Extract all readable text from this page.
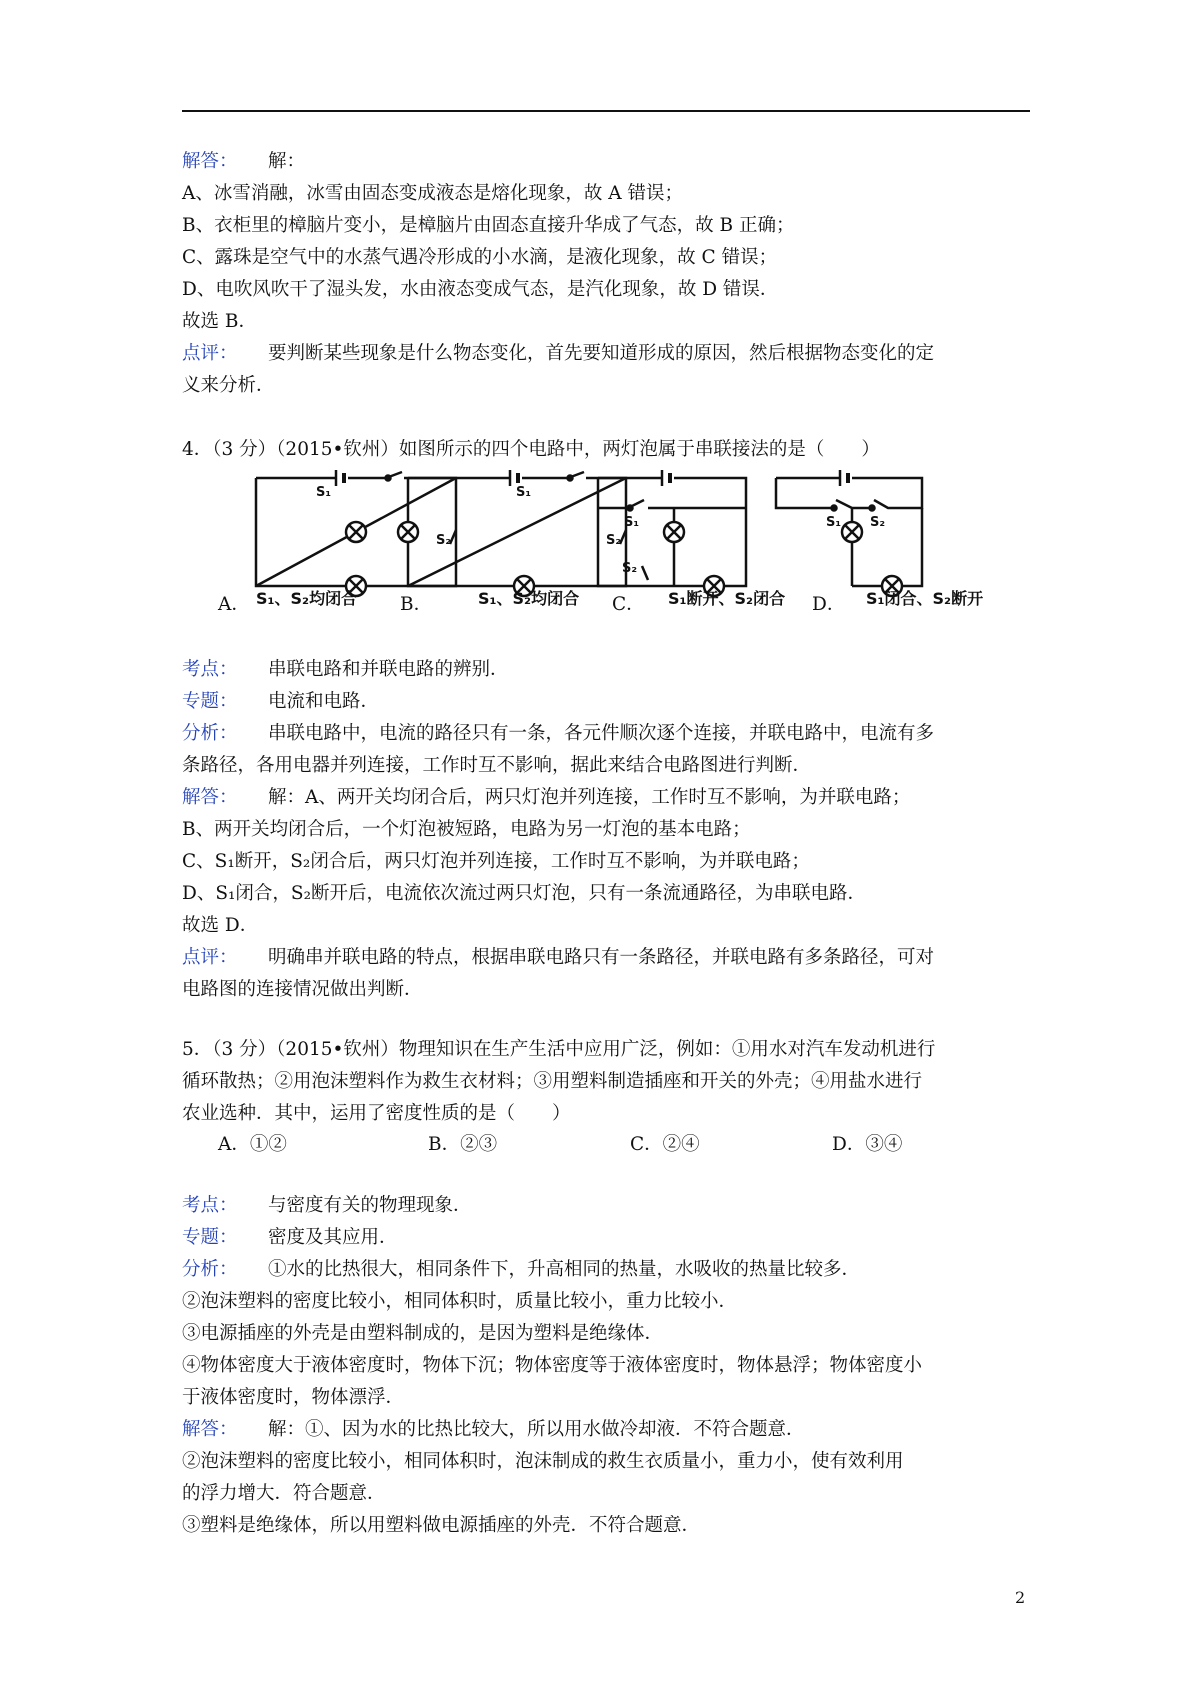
解答： 解：
A、冰雪消融，冰雪由固态变成液态是熔化现象，故 A 错误；
B、衣柜里的樟脑片变小，是樟脑片由固态直接升华成了气态，故 B 正确；
C、露珠是空气中的水蒸气遇冷形成的小水滴，是液化现象，故 C 错误；
D、电吹风吹干了湿头发，水由液态变成气态，是汽化现象，故 D 错误．
故选 B．
点评： 要判断某些现象是什么物态变化，首先要知道形成的原因，然后根据物态变化的定
义来分析．
4．（3 分）（2015•钦州）如图所示的四个电路中，两灯泡属于串联接法的是（　　）
S₁
S₂
S₁
S₂
S₁
S₂
S₁ S₂
A． S₁、S₂均闭合 B．	S₁、S₂均闭合 C． S₁断开、S₂闭合 D． S₁闭合、S₂断开
考点： 串联电路和并联电路的辨别．
专题： 电流和电路．
分析： 串联电路中，电流的路径只有一条，各元件顺次逐个连接，并联电路中，电流有多
条路径，各用电器并列连接，工作时互不影响，据此来结合电路图进行判断．
解答： 解：A、两开关均闭合后，两只灯泡并列连接，工作时互不影响，为并联电路；
B、两开关均闭合后，一个灯泡被短路，电路为另一灯泡的基本电路；
C、S₁断开，S₂闭合后，两只灯泡并列连接，工作时互不影响，为并联电路；
D、S₁闭合，S₂断开后，电流依次流过两只灯泡，只有一条流通路径，为串联电路．
故选 D．
点评： 明确串并联电路的特点，根据串联电路只有一条路径，并联电路有多条路径，可对
电路图的连接情况做出判断．
5．（3 分）（2015•钦州）物理知识在生产生活中应用广泛，例如：①用水对汽车发动机进行
循环散热；②用泡沫塑料作为救生衣材料；③用塑料制造插座和开关的外壳；④用盐水进行
农业选种．其中，运用了密度性质的是（　　）
A．①②	B．②③	C．②④	D．③④
考点： 与密度有关的物理现象．
专题： 密度及其应用．
分析： ①水的比热很大，相同条件下，升高相同的热量，水吸收的热量比较多．
②泡沫塑料的密度比较小，相同体积时，质量比较小，重力比较小．
③电源插座的外壳是由塑料制成的，是因为塑料是绝缘体．
④物体密度大于液体密度时，物体下沉；物体密度等于液体密度时，物体悬浮；物体密度小
于液体密度时，物体漂浮．
解答： 解：①、因为水的比热比较大，所以用水做冷却液．不符合题意．
②泡沫塑料的密度比较小，相同体积时，泡沫制成的救生衣质量小，重力小，使有效利用
的浮力增大．符合题意．
③塑料是绝缘体，所以用塑料做电源插座的外壳．不符合题意．
2
